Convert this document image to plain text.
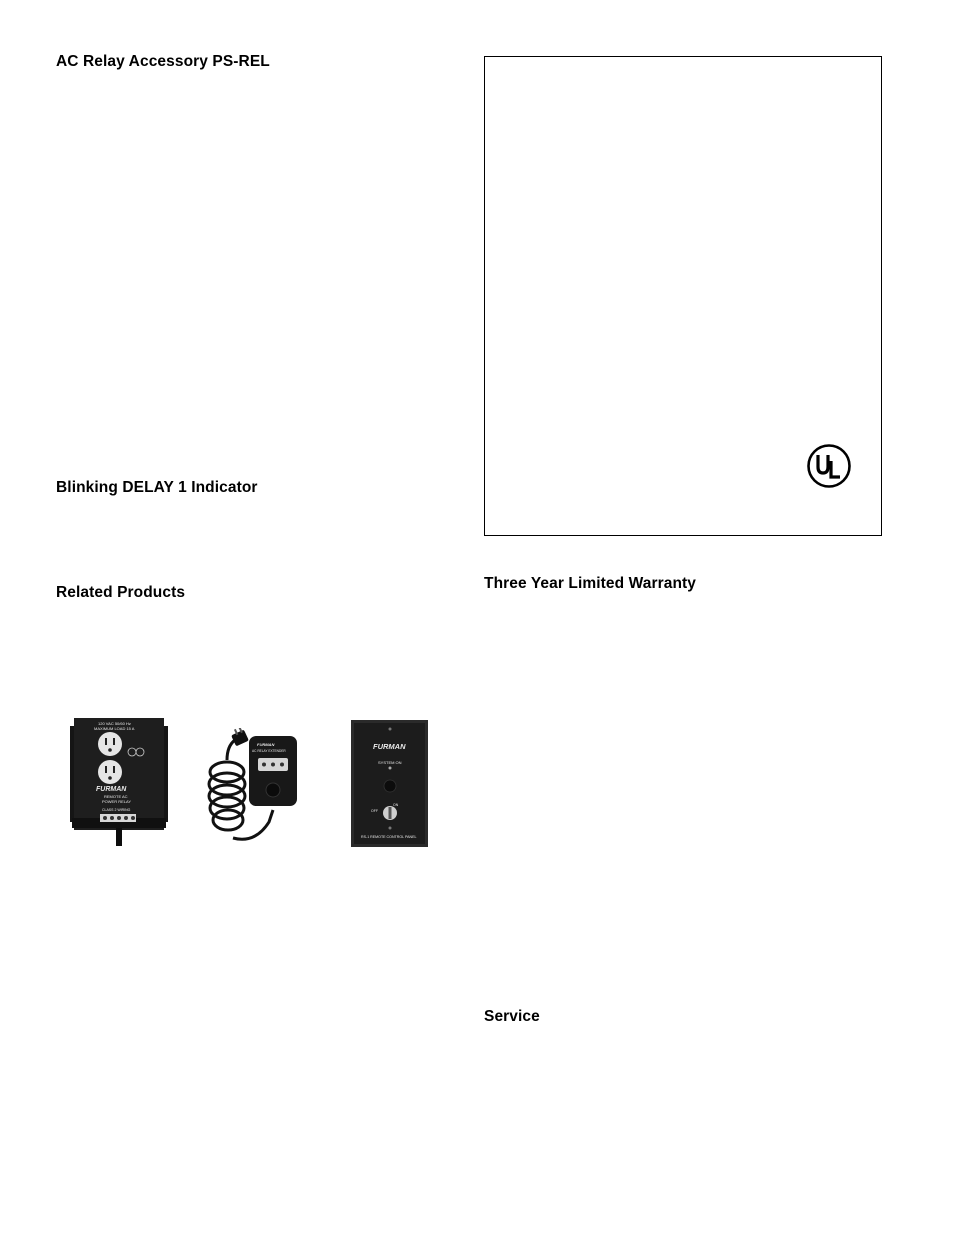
AC Relay Accessory PS-REL
Blinking DELAY 1 Indicator
Related Products
Three Year Limited Warranty
Service
120 VAC 50/60 Hz
MAXIMUM LOAD 15 A
FURMAN
REMOTE AC
POWER RELAY
CLASS 2 WIRING
FURMAN
AC RELAY EXTENDER	FURMAN
SYSTEM ON
ON
OFF
RS-1 REMOTE CONTROL PANEL
